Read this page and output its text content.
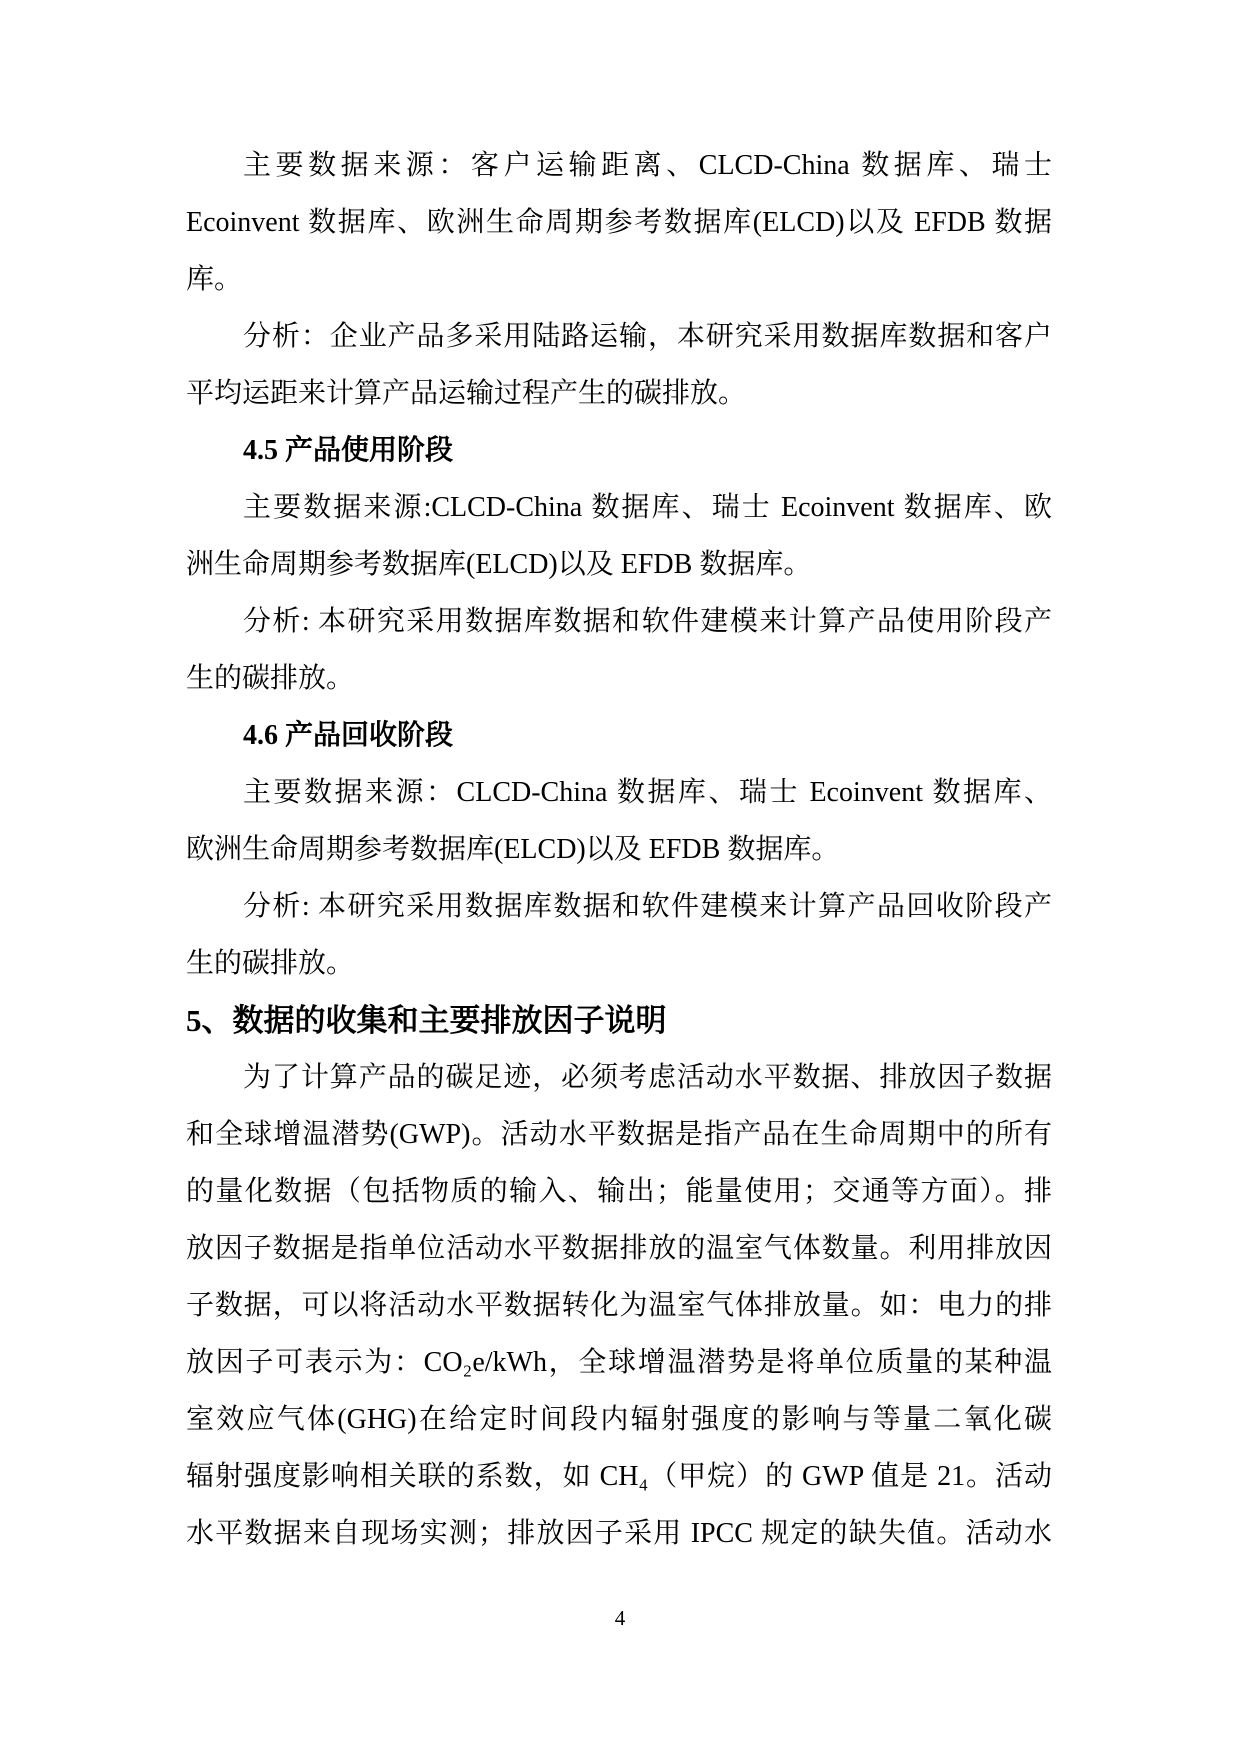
主要数据来源：客户运输距离、CLCD-China 数据库、瑞士
Ecoinvent 数据库、欧洲生命周期参考数据库(ELCD)以及 EFDB 数据
库。
分析：企业产品多采用陆路运输，本研究采用数据库数据和客户
平均运距来计算产品运输过程产生的碳排放。
4.5 产品使用阶段
主要数据来源:CLCD-China 数据库、瑞士 Ecoinvent 数据库、欧
洲生命周期参考数据库(ELCD)以及 EFDB 数据库。
分析: 本研究采用数据库数据和软件建模来计算产品使用阶段产
生的碳排放。
4.6 产品回收阶段
主要数据来源：CLCD-China 数据库、瑞士 Ecoinvent 数据库、
欧洲生命周期参考数据库(ELCD)以及 EFDB 数据库。
分析: 本研究采用数据库数据和软件建模来计算产品回收阶段产
生的碳排放。
5、数据的收集和主要排放因子说明
为了计算产品的碳足迹，必须考虑活动水平数据、排放因子数据
和全球增温潜势(GWP)。活动水平数据是指产品在生命周期中的所有
的量化数据（包括物质的输入、输出；能量使用；交通等方面）。排
放因子数据是指单位活动水平数据排放的温室气体数量。利用排放因
子数据，可以将活动水平数据转化为温室气体排放量。如：电力的排
放因子可表示为：CO₂e/kWh，全球增温潜势是将单位质量的某种温
室效应气体(GHG)在给定时间段内辐射强度的影响与等量二氧化碳
辐射强度影响相关联的系数，如 CH₄（甲烷）的 GWP 值是 21。活动
水平数据来自现场实测；排放因子采用 IPCC 规定的缺失值。活动水
4
